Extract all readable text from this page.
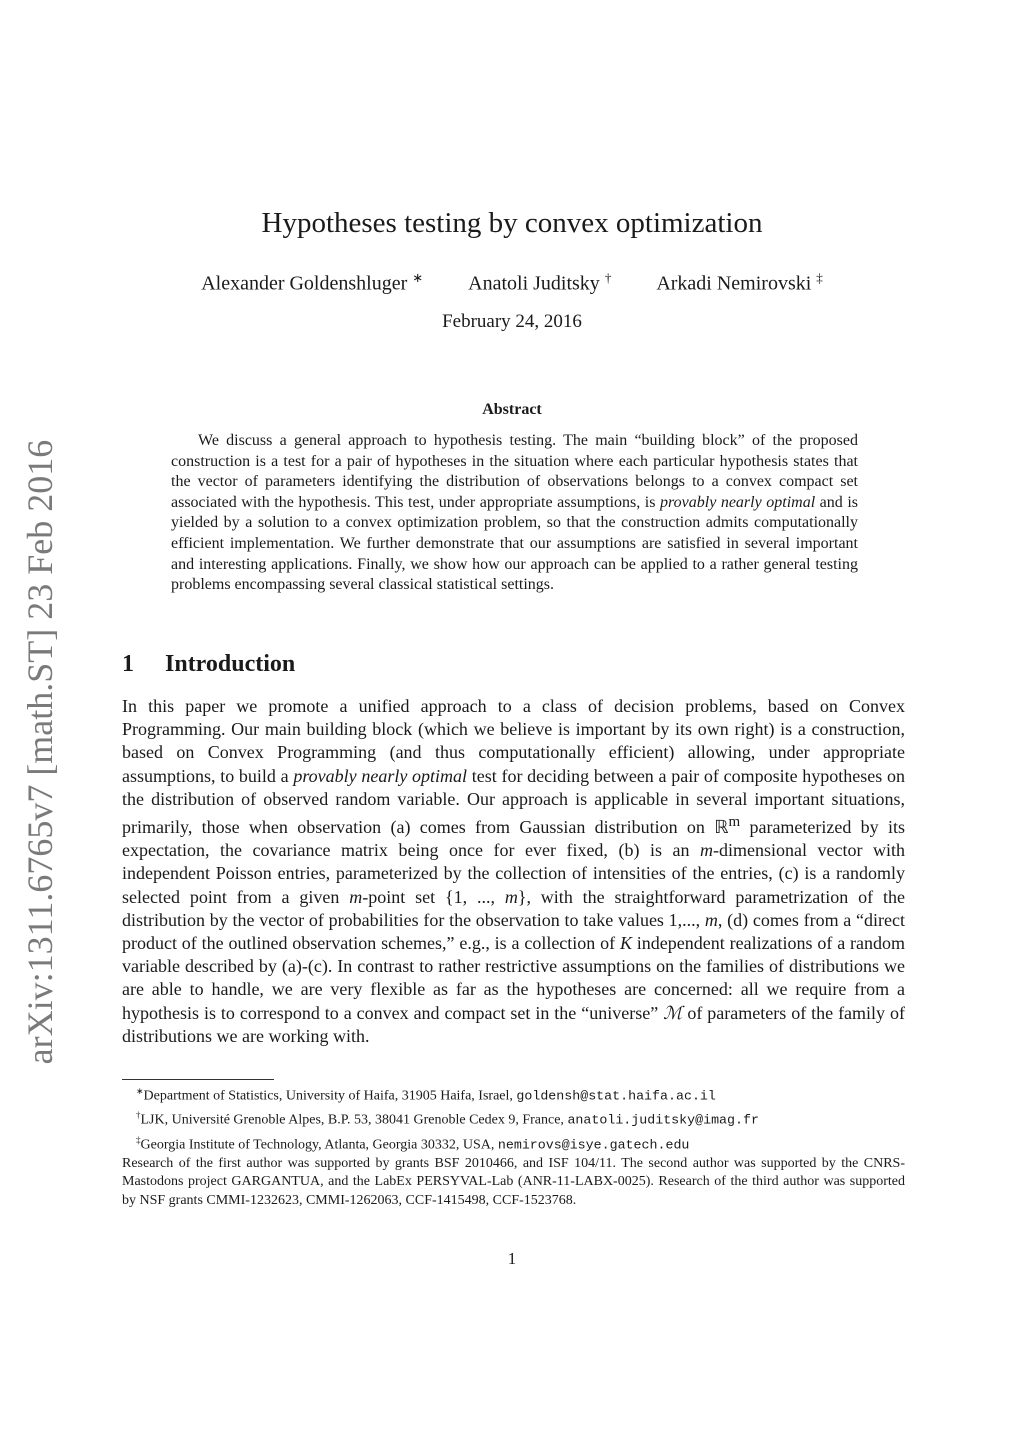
arXiv:1311.6765v7 [math.ST] 23 Feb 2016
Hypotheses testing by convex optimization
Alexander Goldenshluger ∗ Anatoli Juditsky † Arkadi Nemirovski ‡
February 24, 2016
Abstract

We discuss a general approach to hypothesis testing. The main “building block” of the proposed construction is a test for a pair of hypotheses in the situation where each particular hypothesis states that the vector of parameters identifying the distribution of observations belongs to a convex compact set associated with the hypothesis. This test, under appropriate assumptions, is provably nearly optimal and is yielded by a solution to a convex optimization problem, so that the construction admits computationally efficient implementation. We further demonstrate that our assumptions are satisfied in several important and interesting applications. Finally, we show how our approach can be applied to a rather general testing problems encompassing several classical statistical settings.

1 Introduction

In this paper we promote a unified approach to a class of decision problems, based on Convex Programming. Our main building block (which we believe is important by its own right) is a construction, based on Convex Programming (and thus computationally efficient) allowing, under appropriate assumptions, to build a provably nearly optimal test for deciding between a pair of composite hypotheses on the distribution of observed random variable. Our approach is applicable in several important situations, primarily, those when observation (a) comes from Gaussian distribution on ℝ$^m$ parameterized by its expectation, the covariance matrix being once for ever fixed, (b) is an m-dimensional vector with independent Poisson entries, parameterized by the collection of intensities of the entries, (c) is a randomly selected point from a given m-point set {1, ..., m}, with the straightforward parametrization of the distribution by the vector of probabilities for the observation to take values 1,..., m, (d) comes from a “direct product of the outlined observation schemes,” e.g., is a collection of K independent realizations of a random variable described by (a)-(c). In contrast to rather restrictive assumptions on the families of distributions we are able to handle, we are very flexible as far as the hypotheses are concerned: all we require from a hypothesis is to correspond to a convex and compact set in the “universe” ℳ of parameters of the family of distributions we are working with.

∗Department of Statistics, University of Haifa, 31905 Haifa, Israel, goldensh@stat.haifa.ac.il

†LJK, Université Grenoble Alpes, B.P. 53, 38041 Grenoble Cedex 9, France, anatoli.juditsky@imag.fr

‡Georgia Institute of Technology, Atlanta, Georgia 30332, USA, nemirovs@isye.gatech.edu

Research of the first author was supported by grants BSF 2010466, and ISF 104/11. The second author was supported by the CNRS-Mastodons project GARGANTUA, and the LabEx PERSYVAL-Lab (ANR-11-LABX-0025). Research of the third author was supported by NSF grants CMMI-1232623, CMMI-1262063, CCF-1415498, CCF-1523768.

1
